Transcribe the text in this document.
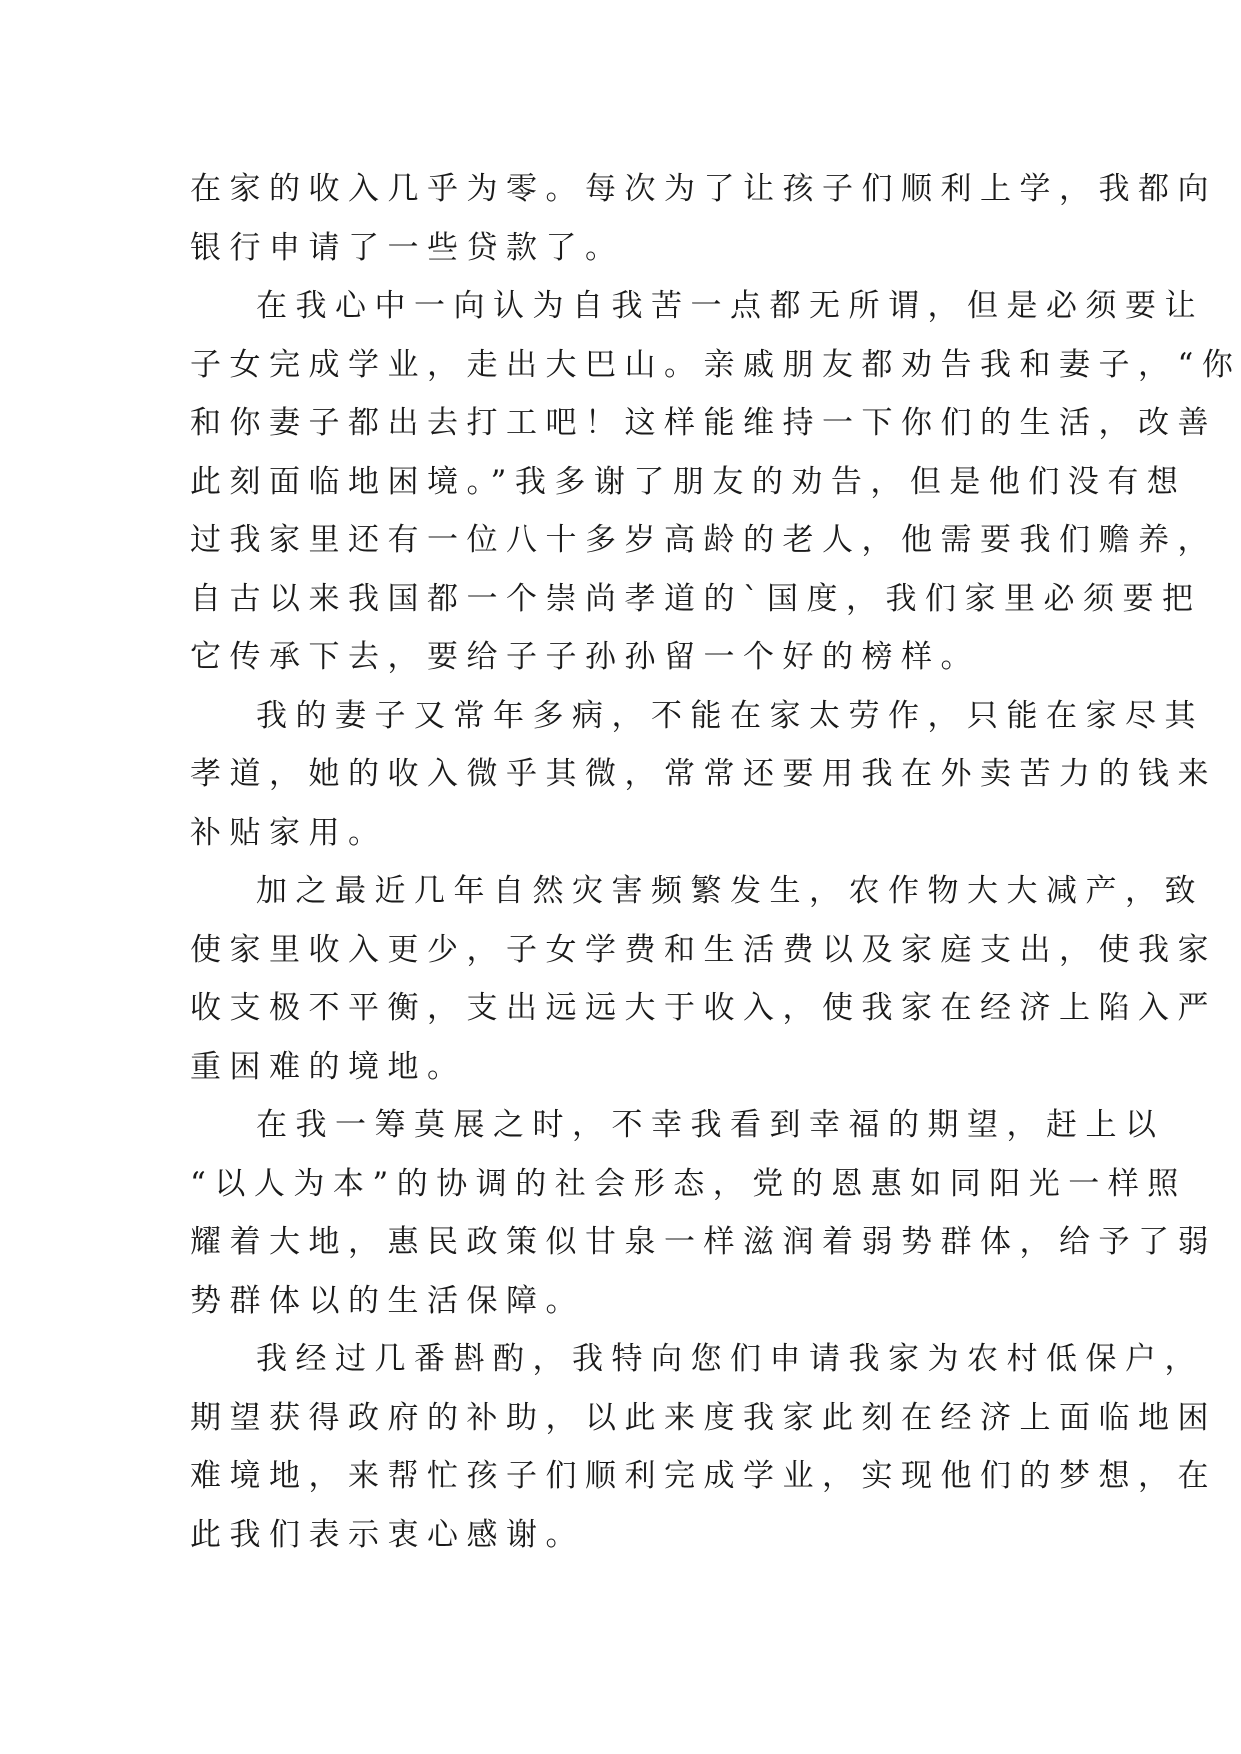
在家的收入几乎为零。每次为了让孩子们顺利上学，我都向
银行申请了一些贷款了。
在我心中一向认为自我苦一点都无所谓，但是必须要让
子女完成学业，走出大巴山。亲戚朋友都劝告我和妻子，“你
和你妻子都出去打工吧！这样能维持一下你们的生活，改善
此刻面临地困境。”我多谢了朋友的劝告，但是他们没有想
过我家里还有一位八十多岁高龄的老人，他需要我们赡养，
自古以来我国都一个崇尚孝道的`国度，我们家里必须要把
它传承下去，要给子子孙孙留一个好的榜样。
我的妻子又常年多病，不能在家太劳作，只能在家尽其
孝道，她的收入微乎其微，常常还要用我在外卖苦力的钱来
补贴家用。
加之最近几年自然灾害频繁发生，农作物大大减产，致
使家里收入更少，子女学费和生活费以及家庭支出，使我家
收支极不平衡，支出远远大于收入，使我家在经济上陷入严
重困难的境地。
在我一筹莫展之时，不幸我看到幸福的期望，赶上以
“以人为本”的协调的社会形态，党的恩惠如同阳光一样照
耀着大地，惠民政策似甘泉一样滋润着弱势群体，给予了弱
势群体以的生活保障。
我经过几番斟酌，我特向您们申请我家为农村低保户，
期望获得政府的补助，以此来度我家此刻在经济上面临地困
难境地，来帮忙孩子们顺利完成学业，实现他们的梦想，在
此我们表示衷心感谢。
